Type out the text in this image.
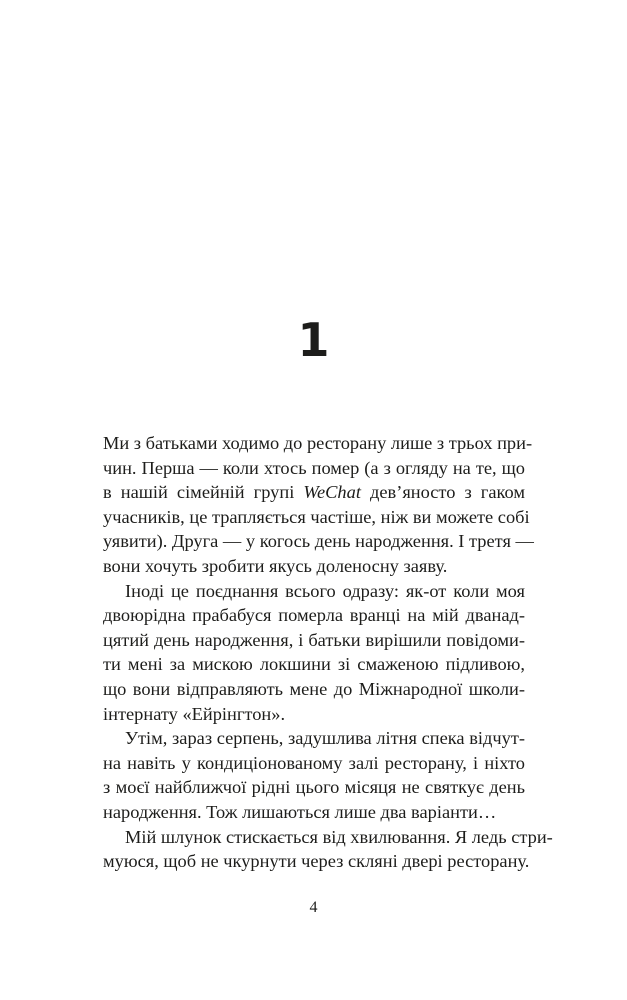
1
Ми з батьками ходимо до ресторану лише з трьох при-
чин. Перша — коли хтось помер (а з огляду на те, що
в нашій сімейній групі WeChat дев’яносто з гаком
учасників, це трапляється частіше, ніж ви можете собі
уявити). Друга — у когось день народження. І третя —
вони хочуть зробити якусь доленосну заяву.
Іноді це поєднання всього одразу: як-от коли моя
двоюрідна прабабуся померла вранці на мій дванад-
цятий день народження, і батьки вирішили повідоми-
ти мені за мискою локшини зі смаженою підливою,
що вони відправляють мене до Міжнародної школи-
інтернату «Ейрінгтон».
Утім, зараз серпень, задушлива літня спека відчут-
на навіть у кондиціонованому залі ресторану, і ніхто
з моєї найближчої рідні цього місяця не святкує день
народження. Тож лишаються лише два варіанти…
Мій шлунок стискається від хвилювання. Я ледь стри-
муюся, щоб не чкурнути через скляні двері ресторану.
4
